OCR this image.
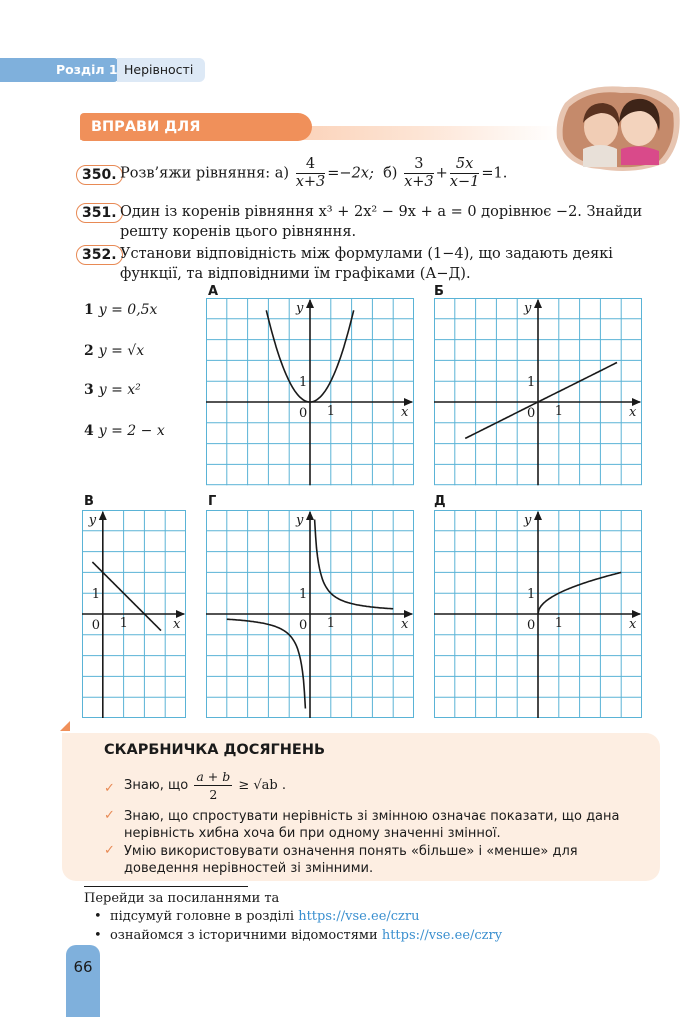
Розділ 1 Нерівності
ВПРАВИ ДЛЯ ПОВТОРЕННЯ
350. Розв’яжи рівняння: $а) \frac{4}{x+3} =-2x$; $б) \frac{3}{x+3} + \frac{5x}{x-1} =1$.
351. Один із коренів рівняння x³ + 2x² − 9x + a = 0 дорівнює −2. Знайди
решту коренів цього рівняння.
352. Установи відповідність між формулами (1−4), що задають деякі
функції, та відповідними їм графіками (А−Д).
1 y = 0,5x
2 y = √x
3 y = x²
4 y = 2 − x
А	Б
В	Г	Д
x
y
0 1
1
x
y
0 1
1
x
y
0 1
1
x
y
0 1
1
x
y
0 1
1
СКАРБНИЧКА ДОСЯГНЕНЬ
✓ Знаю, що $\frac{a + b}{2} \ge √ab$ .
✓ Знаю, що спростувати нерівність зі змінною означає показати, що дана нерівність хибна хоча би при одному значенні змінної.
✓ Умію використовувати означення понять «більше» і «менше» для доведення нерівностей зі змінними.
Перейди за посиланнями та
• підсумуй головне в розділі https://vse.ee/czru
• ознайомся з історичними відомостями https://vse.ee/czry
66
